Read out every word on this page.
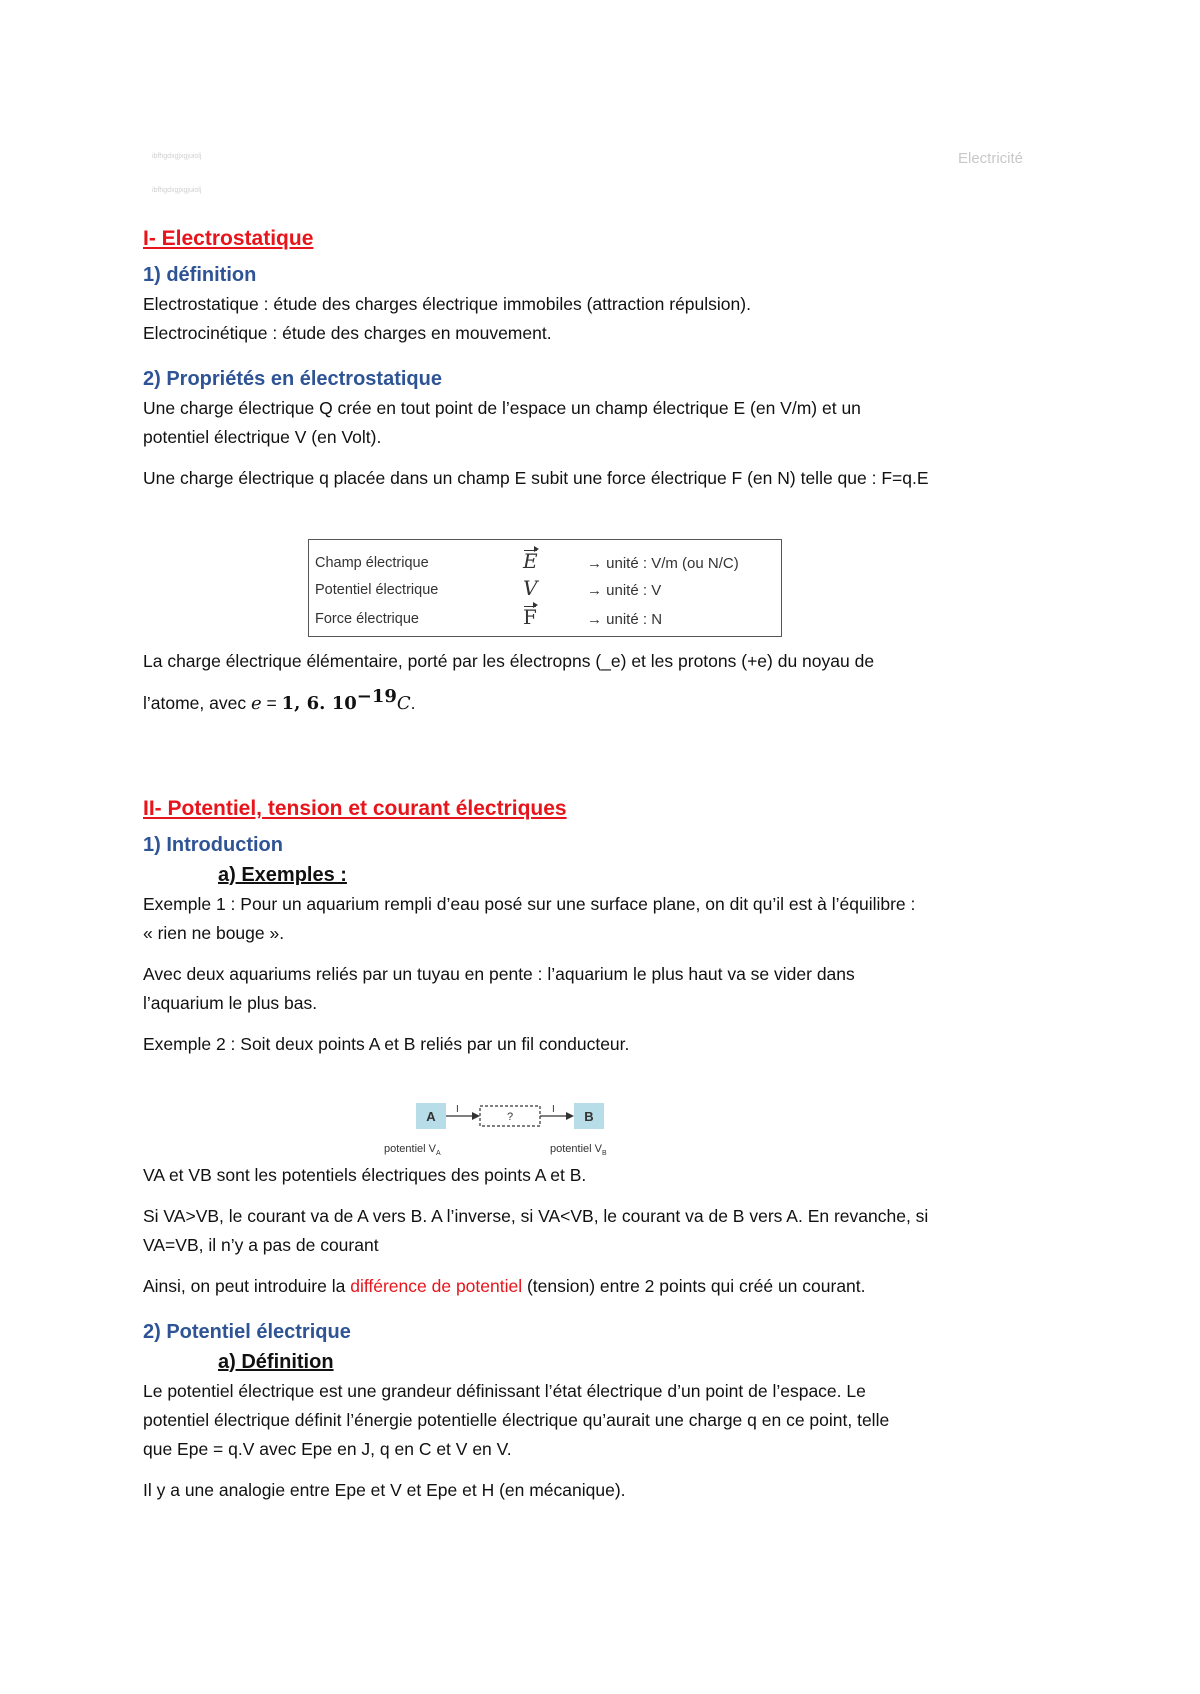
ibfhgdxgjxgjuiolj
ibfhgdxgjxgjuiolj
Electricité
I- Electrostatique
1) définition

Electrostatique : étude des charges électrique immobiles (attraction répulsion).

Electrocinétique : étude des charges en mouvement.

2) Propriétés en électrostatique

Une charge électrique Q crée en tout point de l’espace un champ électrique E (en V/m) et un

potentiel électrique V (en Volt).

Une charge électrique q placée dans un champ E subit une force électrique F (en N) telle que : F=q.E

La charge électrique élémentaire, porté par les électropns (_e) et les protons (+e) du noyau de

l’atome, avec e = 1, 6. $10^{-19}C$.

II- Potentiel, tension et courant électriques
1) Introduction
a) Exemples :

Exemple 1 : Pour un aquarium rempli d’eau posé sur une surface plane, on dit qu’il est à l’équilibre :

« rien ne bouge ».

Avec deux aquariums reliés par un tuyau en pente : l’aquarium le plus haut va se vider dans

l’aquarium le plus bas.

Exemple 2 : Soit deux points A et B reliés par un fil conducteur.

VA et VB sont les potentiels électriques des points A et B.

Si VA>VB, le courant va de A vers B. A l’inverse, si VA<VB, le courant va de B vers A. En revanche, si

VA=VB, il n’y a pas de courant

Ainsi, on peut introduire la différence de potentiel (tension) entre 2 points qui créé un courant.

2) Potentiel électrique
a) Définition

Le potentiel électrique est une grandeur définissant l’état électrique d’un point de l’espace. Le

potentiel électrique définit l’énergie potentielle électrique qu’aurait une charge q en ce point, telle

que Epe = q.V avec Epe en J, q en C et V en V.

Il y a une analogie entre Epe et V et Epe et H (en mécanique).

Champ électrique	E	→ unité : V/m (ou N/C)
Potentiel électrique	V	→ unité : V
Force électrique	F	→ unité : N
A I
?
I B
potentiel $V_A$	potentiel $V_B$
